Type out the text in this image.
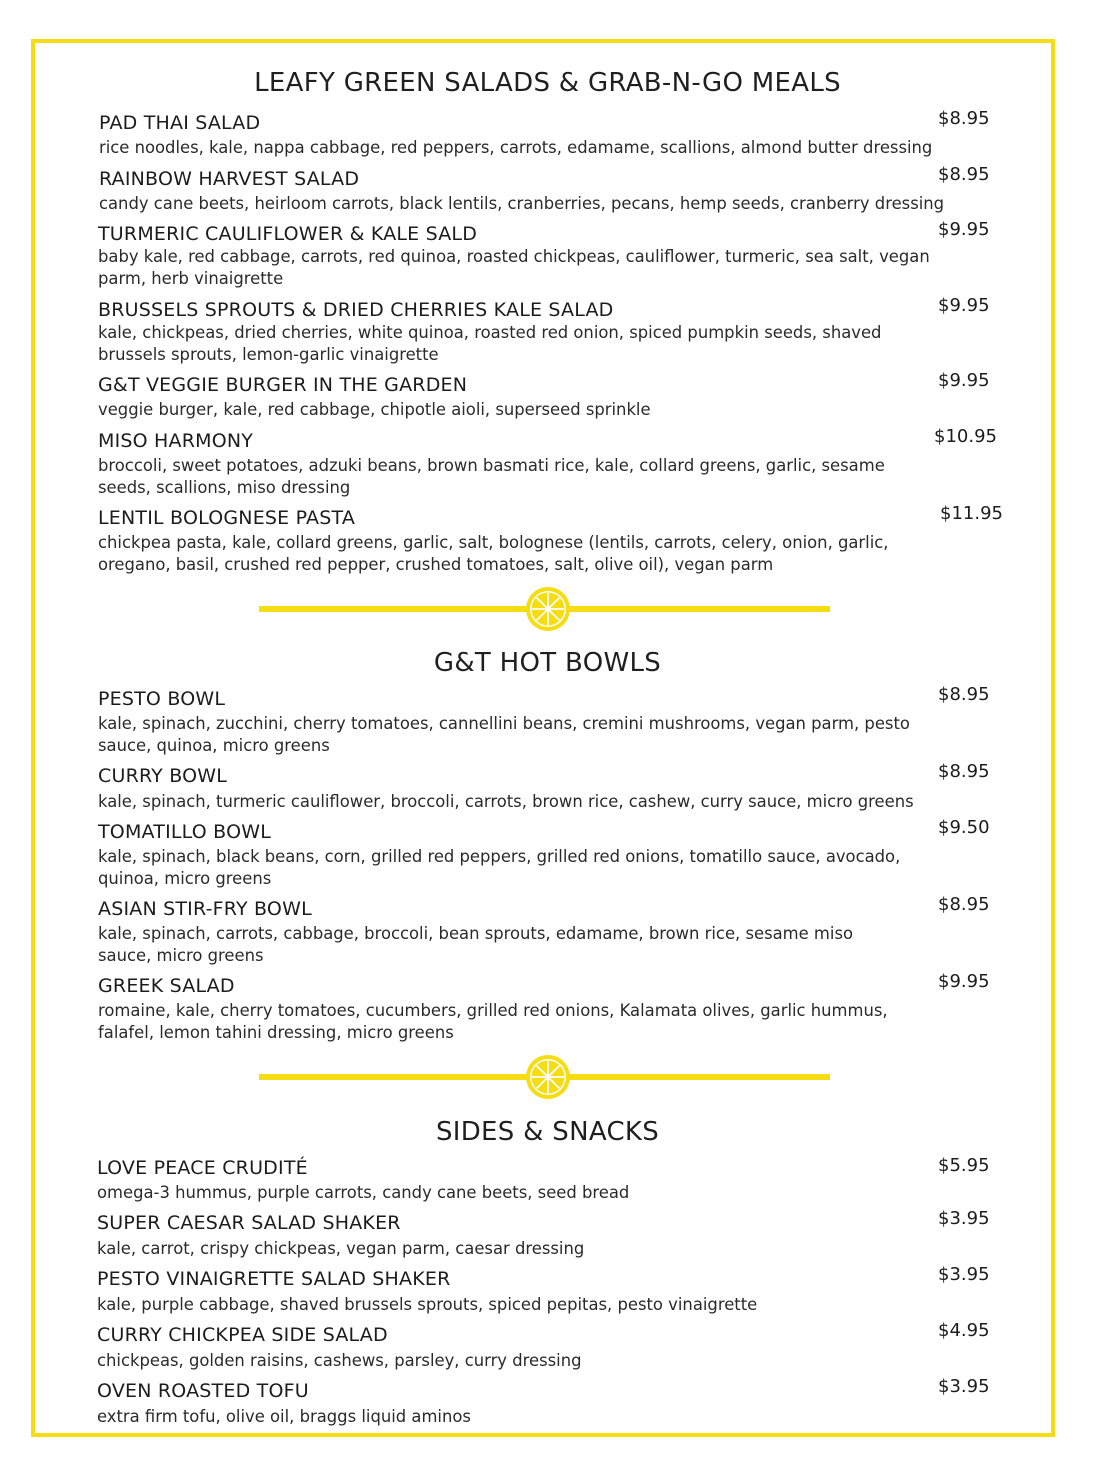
LEAFY GREEN SALADS & GRAB-N-GO MEALS
PAD THAI SALAD	$8.95
rice noodles, kale, nappa cabbage, red peppers, carrots, edamame, scallions, almond butter dressing
RAINBOW HARVEST SALAD	$8.95
candy cane beets, heirloom carrots, black lentils, cranberries, pecans, hemp seeds, cranberry dressing
TURMERIC CAULIFLOWER & KALE SALD	$9.95
baby kale, red cabbage, carrots, red quinoa, roasted chickpeas, cauliflower, turmeric, sea salt, vegan parm, herb vinaigrette
BRUSSELS SPROUTS & DRIED CHERRIES KALE SALAD	$9.95
kale, chickpeas, dried cherries, white quinoa, roasted red onion, spiced pumpkin seeds, shaved brussels sprouts, lemon-garlic vinaigrette
G&T VEGGIE BURGER IN THE GARDEN	$9.95
veggie burger, kale, red cabbage, chipotle aioli, superseed sprinkle
MISO HARMONY	$10.95
broccoli, sweet potatoes, adzuki beans, brown basmati rice, kale, collard greens, garlic, sesame seeds, scallions, miso dressing
LENTIL BOLOGNESE PASTA	$11.95
chickpea pasta, kale, collard greens, garlic, salt, bolognese (lentils, carrots, celery, onion, garlic, oregano, basil, crushed red pepper, crushed tomatoes, salt, olive oil), vegan parm
G&T HOT BOWLS
PESTO BOWL	$8.95
kale, spinach, zucchini, cherry tomatoes, cannellini beans, cremini mushrooms, vegan parm, pesto sauce, quinoa, micro greens
CURRY BOWL	$8.95
kale, spinach, turmeric cauliflower, broccoli, carrots, brown rice, cashew, curry sauce, micro greens
TOMATILLO BOWL	$9.50
kale, spinach, black beans, corn, grilled red peppers, grilled red onions, tomatillo sauce, avocado, quinoa, micro greens
ASIAN STIR-FRY BOWL	$8.95
kale, spinach, carrots, cabbage, broccoli, bean sprouts, edamame, brown rice, sesame miso sauce, micro greens
GREEK SALAD	$9.95
romaine, kale, cherry tomatoes, cucumbers, grilled red onions, Kalamata olives, garlic hummus, falafel, lemon tahini dressing, micro greens
SIDES & SNACKS
LOVE PEACE CRUDITÉ	$5.95
omega-3 hummus, purple carrots, candy cane beets, seed bread
SUPER CAESAR SALAD SHAKER	$3.95
kale, carrot, crispy chickpeas, vegan parm, caesar dressing
PESTO VINAIGRETTE SALAD SHAKER	$3.95
kale, purple cabbage, shaved brussels sprouts, spiced pepitas, pesto vinaigrette
CURRY CHICKPEA SIDE SALAD	$4.95
chickpeas, golden raisins, cashews, parsley, curry dressing
OVEN ROASTED TOFU	$3.95
extra firm tofu, olive oil, braggs liquid aminos
